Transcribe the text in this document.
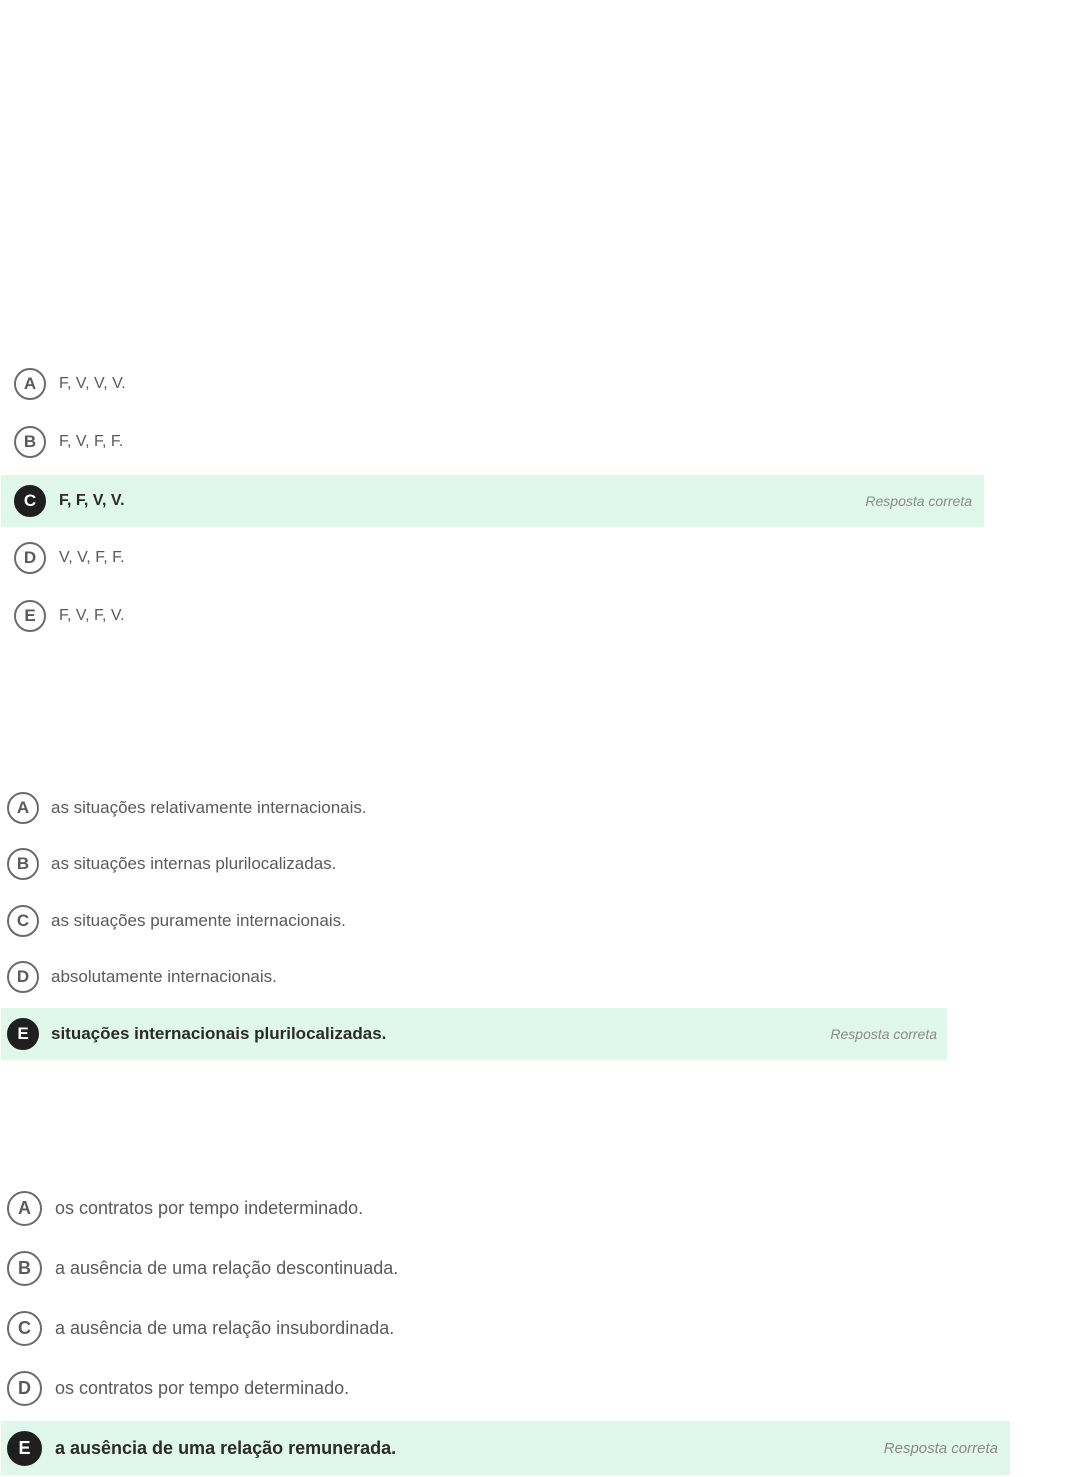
A	F, V, V, V.
B	F, V, F, F.
C	F, F, V, V.	Resposta correta
D	V, V, F, F.
E	F, V, F, V.
A	as situações relativamente internacionais.
B	as situações internas plurilocalizadas.
C	as situações puramente internacionais.
D	absolutamente internacionais.
E	situações internacionais plurilocalizadas.	Resposta correta
A	os contratos por tempo indeterminado.
B	a ausência de uma relação descontinuada.
C	a ausência de uma relação insubordinada.
D	os contratos por tempo determinado.
E	a ausência de uma relação remunerada.	Resposta correta
